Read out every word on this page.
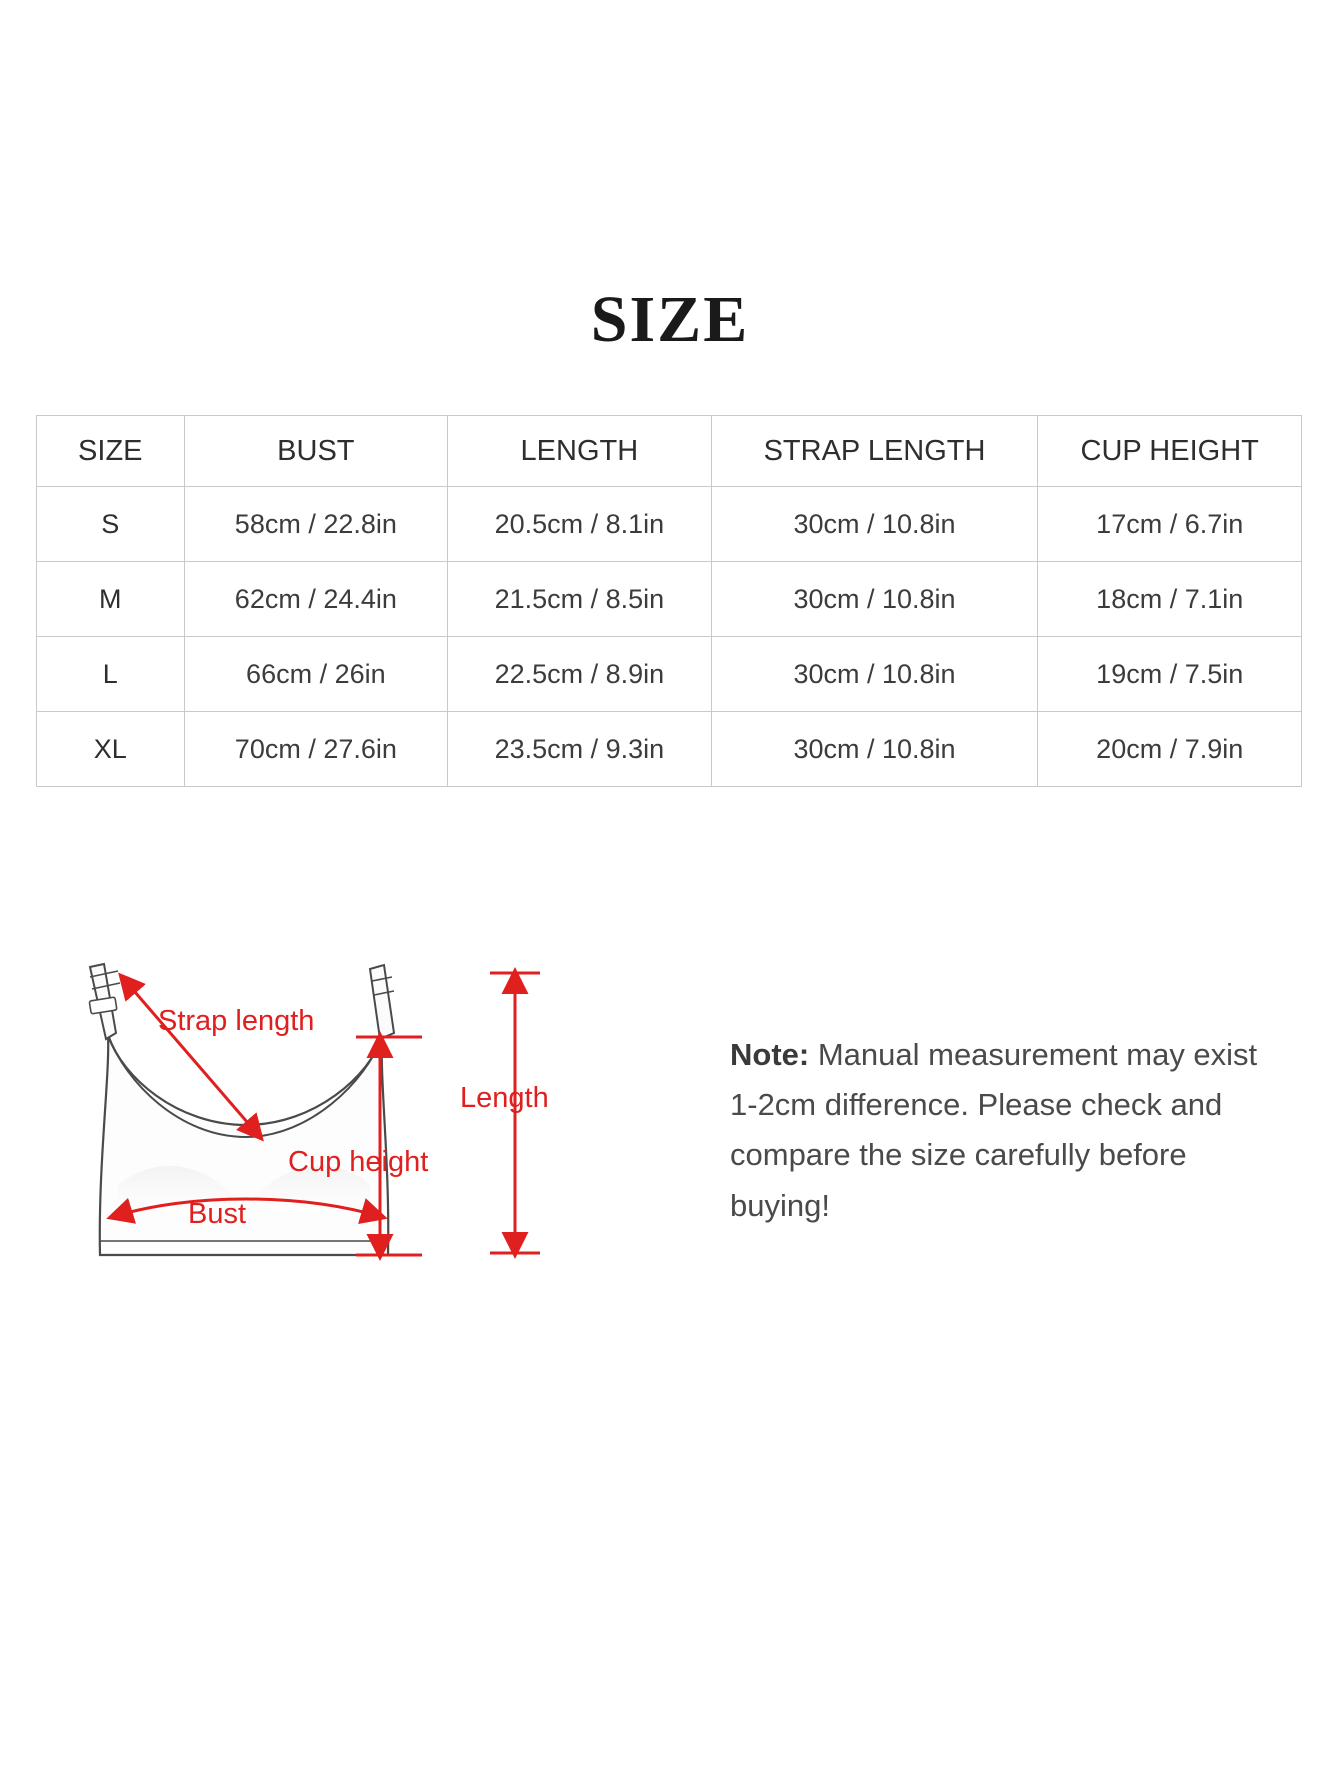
SIZE
SIZE	BUST	LENGTH	STRAP LENGTH	CUP HEIGHT
S	58cm / 22.8in	20.5cm / 8.1in	30cm / 10.8in	17cm / 6.7in
M	62cm / 24.4in	21.5cm / 8.5in	30cm / 10.8in	18cm / 7.1in
L	66cm / 26in	22.5cm / 8.9in	30cm / 10.8in	19cm / 7.5in
XL	70cm / 27.6in	23.5cm / 9.3in	30cm / 10.8in	20cm / 7.9in
Note: Manual measurement may exist 1-2cm difference. Please check and compare the size carefully before buying!
Strap length
Cup height
Bust
Length
